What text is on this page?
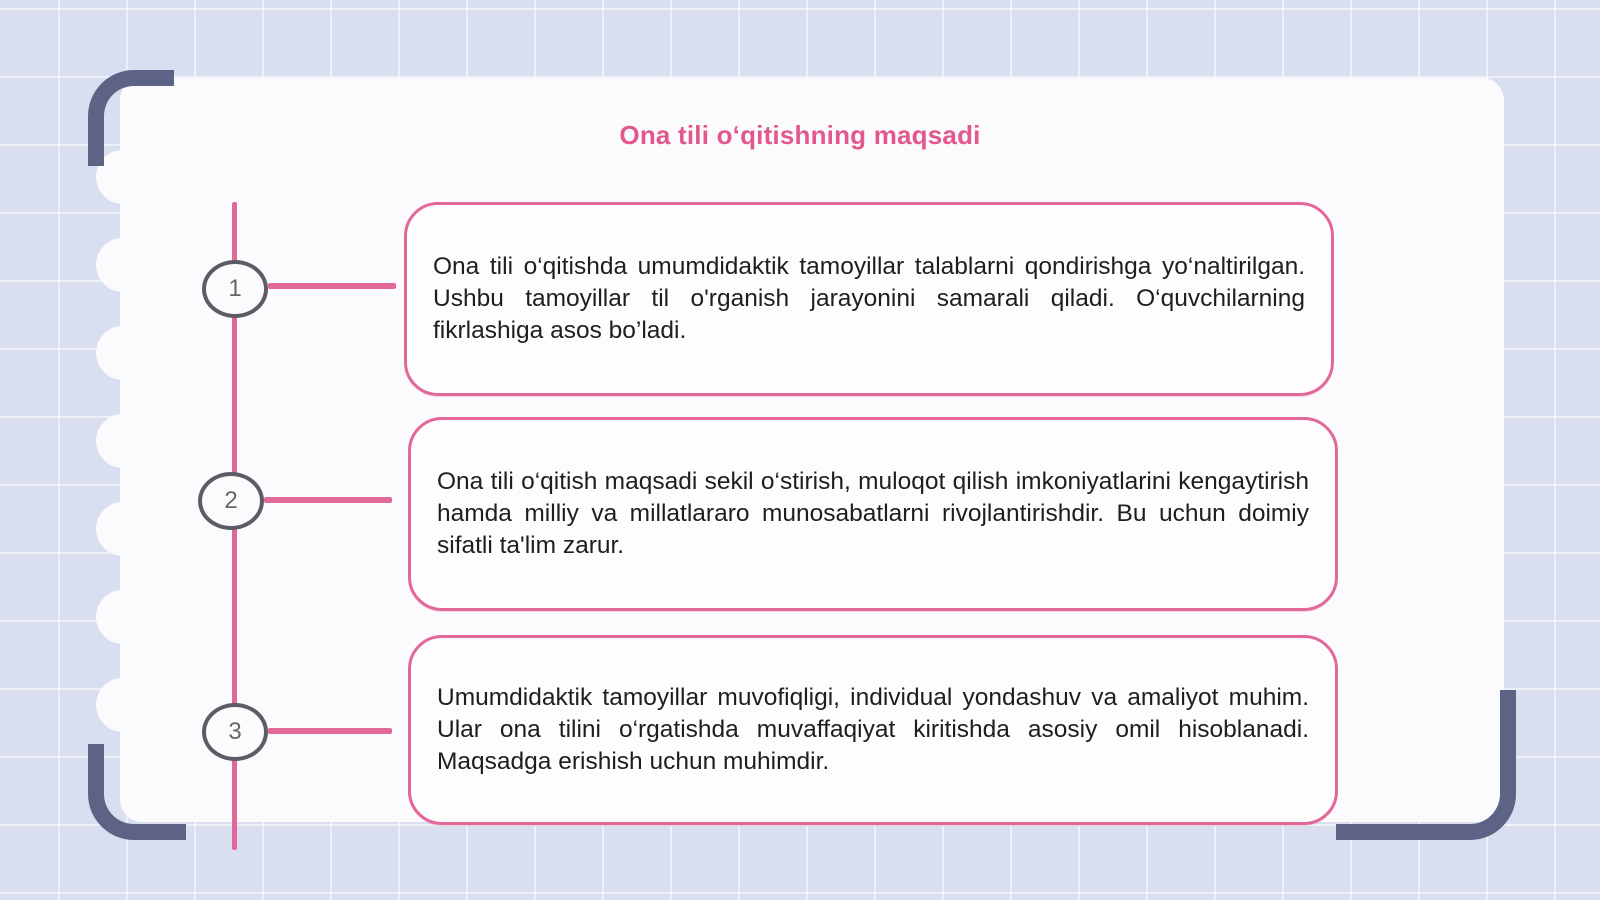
Ona tili oʻqitishning maqsadi
1
2
3

Ona tili o‘qitishda umumdidaktik tamoyillar talablarni qondirishga yo‘naltirilgan. Ushbu tamoyillar til o'rganish jarayonini samarali qiladi. O‘quvchilarning fikrlashiga asos bo’ladi.

Ona tili o‘qitish maqsadi sekil o‘stirish, muloqot qilish imkoniyatlarini kengaytirish hamda milliy va millatlararo munosabatlarni rivojlantirishdir. Bu uchun doimiy sifatli ta'lim zarur.

Umumdidaktik tamoyillar muvofiqligi, individual yondashuv va amaliyot muhim. Ular ona tilini o‘rgatishda muvaffaqiyat kiritishda asosiy omil hisoblanadi. Maqsadga erishish uchun muhimdir.
